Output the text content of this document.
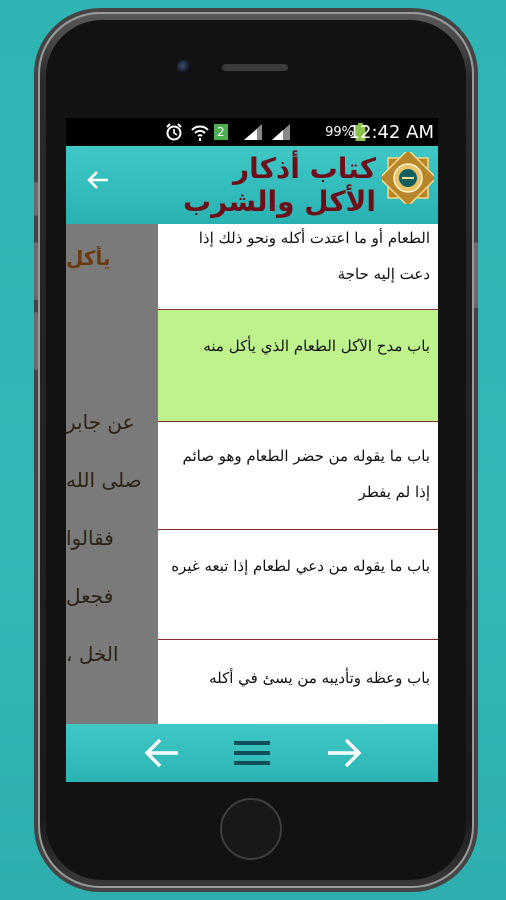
2	99%
12:42 AM
كتاب أذكار الأكل والشرب
يأكل
عن جابر
صلى الله
فقالوا
فجعل
الخل ،
الطعام أو ما اعتدت أكله ونحو ذلك إذا دعت إليه حاجة
باب مدح الآكل الطعام الذي يأكل منه
باب ما يقوله من حضر الطعام وهو صائم إذا لم يفطر
باب ما يقوله من دعي لطعام إذا تبعه غيره
باب وعظه وتأديبه من يسئ في أكله
